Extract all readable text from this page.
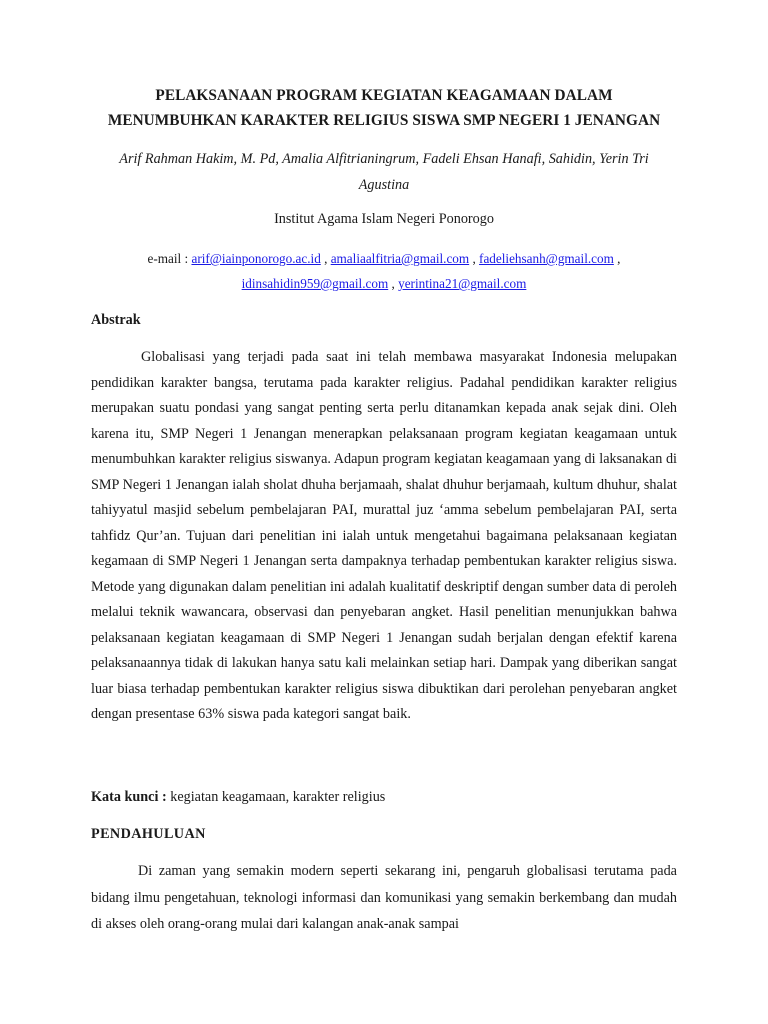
PELAKSANAAN PROGRAM KEGIATAN KEAGAMAAN DALAM

MENUMBUHKAN KARAKTER RELIGIUS SISWA SMP NEGERI 1 JENANGAN

Arif Rahman Hakim, M. Pd, Amalia Alfitrianingrum, Fadeli Ehsan Hanafi, Sahidin, Yerin Tri
Agustina
Institut Agama Islam Negeri Ponorogo
e-mail : arif@iainponorogo.ac.id , amaliaalfitria@gmail.com , fadeliehsanh@gmail.com ,
idinsahidin959@gmail.com , yerintina21@gmail.com

Abstrak

Globalisasi yang terjadi pada saat ini telah membawa masyarakat Indonesia melupakan pendidikan karakter bangsa, terutama pada karakter religius. Padahal pendidikan karakter religius merupakan suatu pondasi yang sangat penting serta perlu ditanamkan kepada anak sejak dini. Oleh karena itu, SMP Negeri 1 Jenangan menerapkan pelaksanaan program kegiatan keagamaan untuk menumbuhkan karakter religius siswanya. Adapun program kegiatan keagamaan yang di laksanakan di SMP Negeri 1 Jenangan ialah sholat dhuha berjamaah, shalat dhuhur berjamaah, kultum dhuhur, shalat tahiyyatul masjid sebelum pembelajaran PAI, murattal juz ‘amma sebelum pembelajaran PAI, serta tahfidz Qur’an. Tujuan dari penelitian ini ialah untuk mengetahui bagaimana pelaksanaan kegiatan kegamaan di SMP Negeri 1 Jenangan serta dampaknya terhadap pembentukan karakter religius siswa. Metode yang digunakan dalam penelitian ini adalah kualitatif deskriptif dengan sumber data di peroleh melalui teknik wawancara, observasi dan penyebaran angket. Hasil penelitian menunjukkan bahwa pelaksanaan kegiatan keagamaan di SMP Negeri 1 Jenangan sudah berjalan dengan efektif karena pelaksanaannya tidak di lakukan hanya satu kali melainkan setiap hari. Dampak yang diberikan sangat luar biasa terhadap pembentukan karakter religius siswa dibuktikan dari perolehan penyebaran angket dengan presentase 63% siswa pada kategori sangat baik.

Kata kunci : kegiatan keagamaan, karakter religius

PENDAHULUAN

Di zaman yang semakin modern seperti sekarang ini, pengaruh globalisasi terutama pada bidang ilmu pengetahuan, teknologi informasi dan komunikasi yang semakin berkembang dan mudah di akses oleh orang-orang mulai dari kalangan anak-anak sampai
